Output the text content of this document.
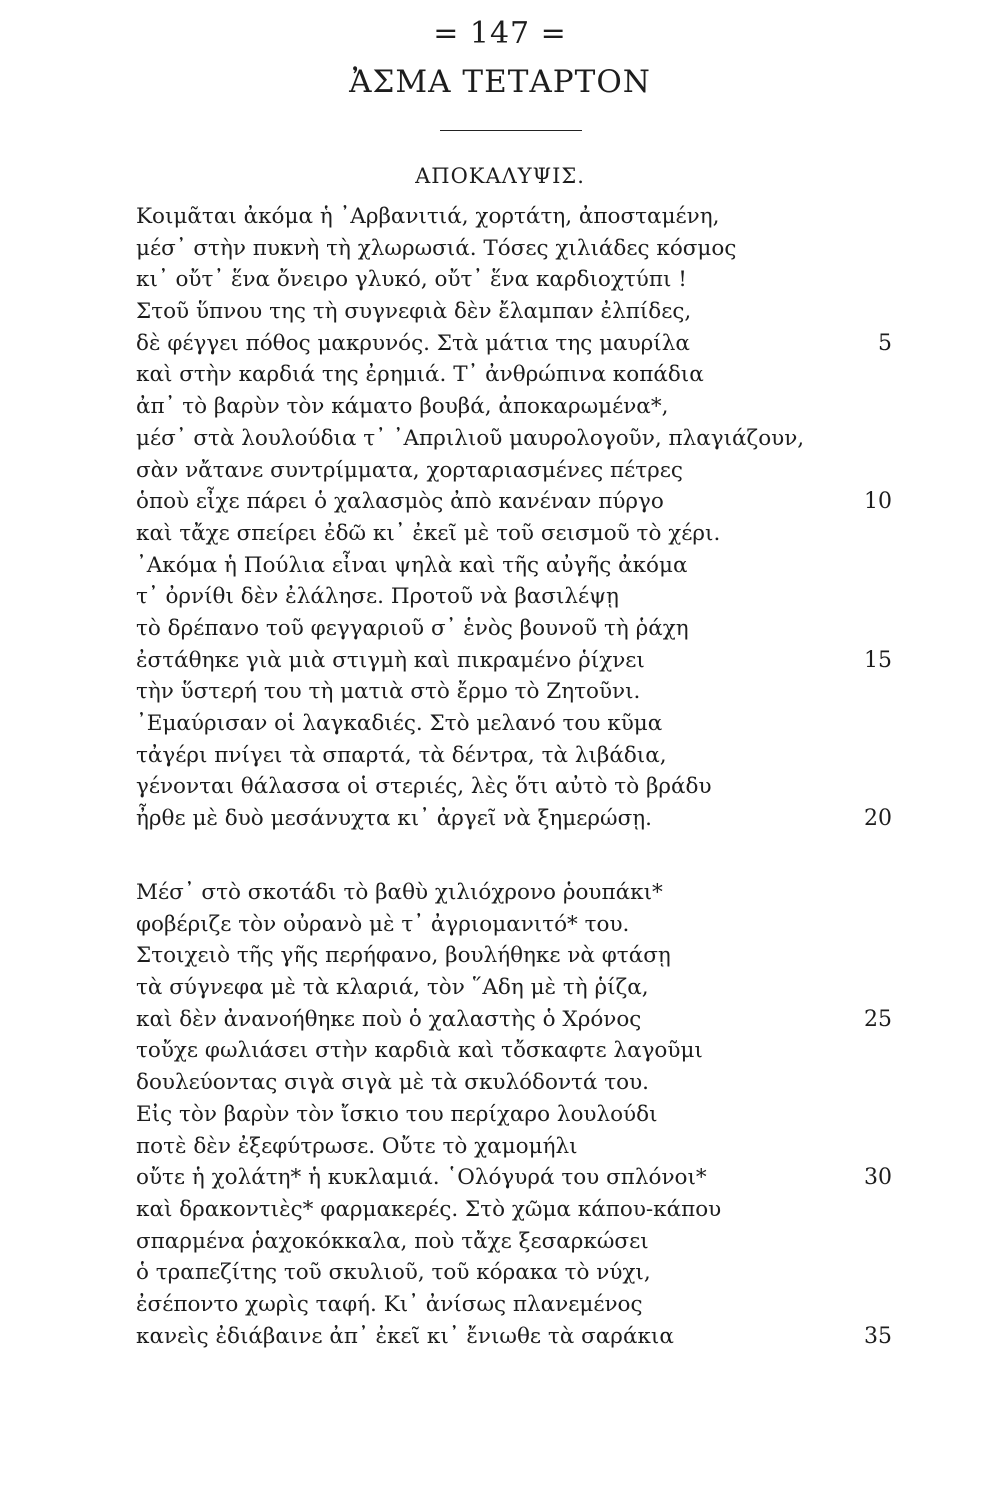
= 147 =
ἈΣΜΑ ΤΕΤΑΡΤΟΝ
ΑΠΟΚΑΛΥΨΙΣ.
Κοιμᾶται ἀκόμα ἡ ᾿Αρβανιτιά, χορτάτη, ἀποσταμένη,
μέσ᾿ στὴν πυκνὴ τὴ χλωρωσιά. Τόσες χιλιάδες κόσμος
κι᾿ οὔτ᾿ ἕνα ὄνειρο γλυκό, οὔτ᾿ ἕνα καρδιοχτύπι !
Στοῦ ὕπνου της τὴ συγνεφιὰ δὲν ἔλαμπαν ἐλπίδες,
δὲ φέγγει πόθος μακρυνός. Στὰ μάτια της μαυρίλα	5
καὶ στὴν καρδιά της ἐρημιά. Τ᾿ ἀνθρώπινα κοπάδια
ἀπ᾿ τὸ βαρὺν τὸν κάματο βουβά, ἀποκαρωμένα*,
μέσ᾿ στὰ λουλούδια τ᾿ ᾿Απριλιοῦ μαυρολογοῦν, πλαγιάζουν,
σὰν νἄτανε συντρίμματα, χορταριασμένες πέτρες
ὁποὺ εἶχε πάρει ὁ χαλασμὸς ἀπὸ κανέναν πύργο	10
καὶ τἄχε σπείρει ἐδῶ κι᾿ ἐκεῖ μὲ τοῦ σεισμοῦ τὸ χέρι.
᾿Ακόμα ἡ Πούλια εἶναι ψηλὰ καὶ τῆς αὐγῆς ἀκόμα
τ᾿ ὀρνίθι δὲν ἐλάλησε. Προτοῦ νὰ βασιλέψῃ
τὸ δρέπανο τοῦ φεγγαριοῦ σ᾿ ἑνὸς βουνοῦ τὴ ῥάχη
ἐστάθηκε γιὰ μιὰ στιγμὴ καὶ πικραμένο ῥίχνει	15
τὴν ὕστερή του τὴ ματιὰ στὸ ἔρμο τὸ Ζητοῦνι.
᾿Εμαύρισαν οἱ λαγκαδιές. Στὸ μελανό του κῦμα
τἀγέρι πνίγει τὰ σπαρτά, τὰ δέντρα, τὰ λιβάδια,
γένονται θάλασσα οἱ στεριές, λὲς ὅτι αὐτὸ τὸ βράδυ
ἦρθε μὲ δυὸ μεσάνυχτα κι᾿ ἀργεῖ νὰ ξημερώσῃ.	20
Μέσ᾿ στὸ σκοτάδι τὸ βαθὺ χιλιόχρονο ῥουπάκι*
φοβέριζε τὸν οὐρανὸ μὲ τ᾿ ἀγριομανιτό* του.
Στοιχειὸ τῆς γῆς περήφανο, βουλήθηκε νὰ φτάσῃ
τὰ σύγνεφα μὲ τὰ κλαριά, τὸν ῞Αδη μὲ τὴ ῥίζα,
καὶ δὲν ἀνανοήθηκε ποὺ ὁ χαλαστὴς ὁ Χρόνος	25
τοὔχε φωλιάσει στὴν καρδιὰ καὶ τὄσκαφτε λαγοῦμι
δουλεύοντας σιγὰ σιγὰ μὲ τὰ σκυλόδοντά του.
Εἰς τὸν βαρὺν τὸν ἴσκιο του περίχαρο λουλούδι
ποτὲ δὲν ἐξεφύτρωσε. Οὔτε τὸ χαμομήλι
οὔτε ἡ χολάτη* ἡ κυκλαμιά. ῾Ολόγυρά του σπλόνοι*	30
καὶ δρακοντιὲς* φαρμακερές. Στὸ χῶμα κάπου-κάπου
σπαρμένα ῥαχοκόκκαλα, ποὺ τἄχε ξεσαρκώσει
ὁ τραπεζίτης τοῦ σκυλιοῦ, τοῦ κόρακα τὸ νύχι,
ἐσέποντο χωρὶς ταφή. Κι᾿ ἀνίσως πλανεμένος
κανεὶς ἐδιάβαινε ἀπ᾿ ἐκεῖ κι᾿ ἔνιωθε τὰ σαράκια	35
